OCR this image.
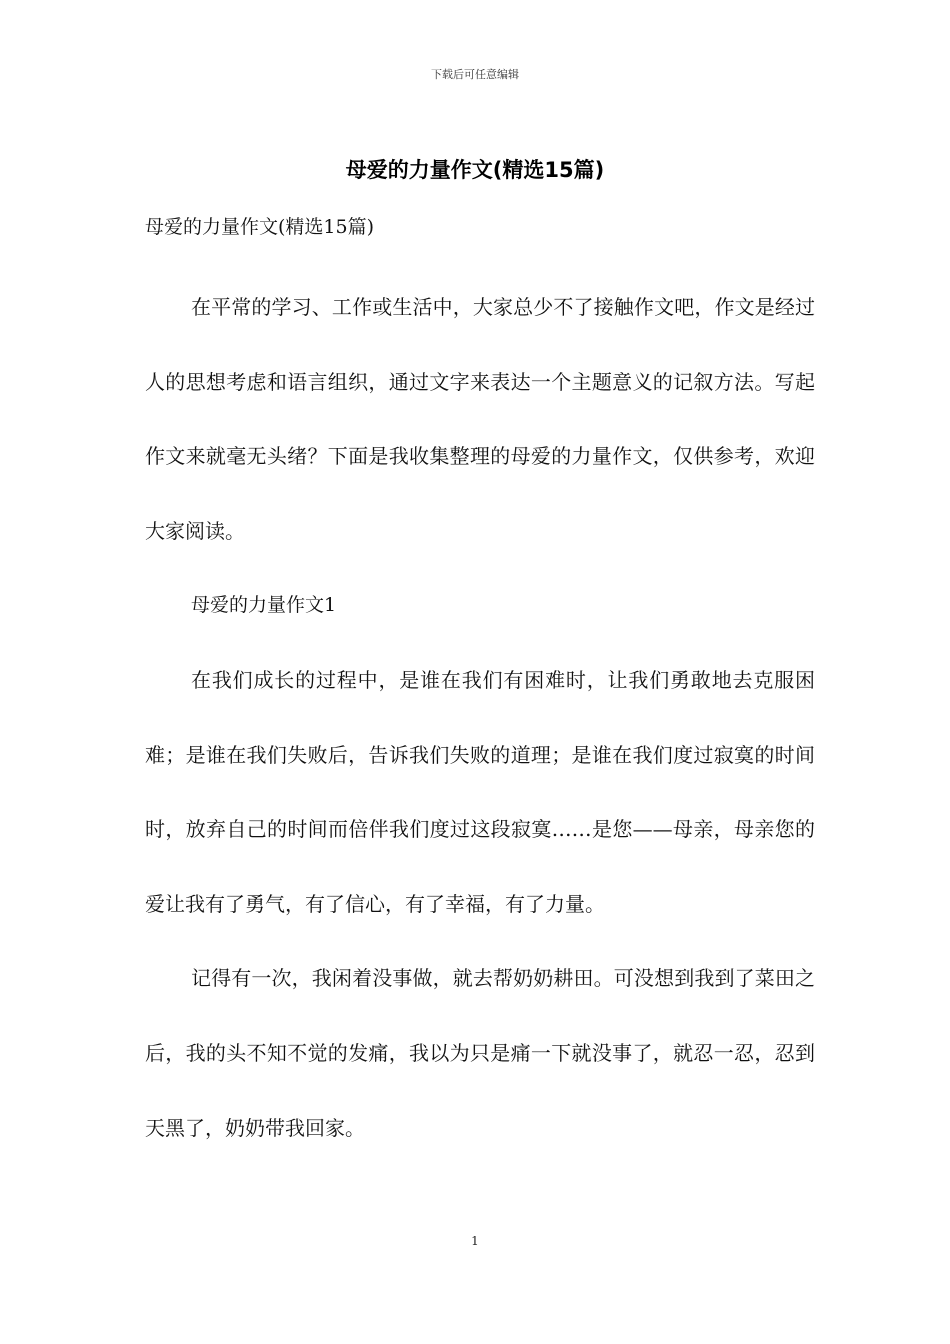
下载后可任意编辑
母爱的力量作文(精选15篇)

母爱的力量作文(精选15篇)

在平常的学习、工作或生活中，大家总少不了接触作文吧，作文是经过人的思想考虑和语言组织，通过文字来表达一个主题意义的记叙方法。写起作文来就毫无头绪？下面是我收集整理的母爱的力量作文，仅供参考，欢迎大家阅读。

母爱的力量作文1

在我们成长的过程中，是谁在我们有困难时，让我们勇敢地去克服困难；是谁在我们失败后，告诉我们失败的道理；是谁在我们度过寂寞的时间时，放弃自己的时间而倍伴我们度过这段寂寞……是您——母亲，母亲您的爱让我有了勇气，有了信心，有了幸福，有了力量。

记得有一次，我闲着没事做，就去帮奶奶耕田。可没想到我到了菜田之后，我的头不知不觉的发痛，我以为只是痛一下就没事了，就忍一忍，忍到天黑了，奶奶带我回家。

1
